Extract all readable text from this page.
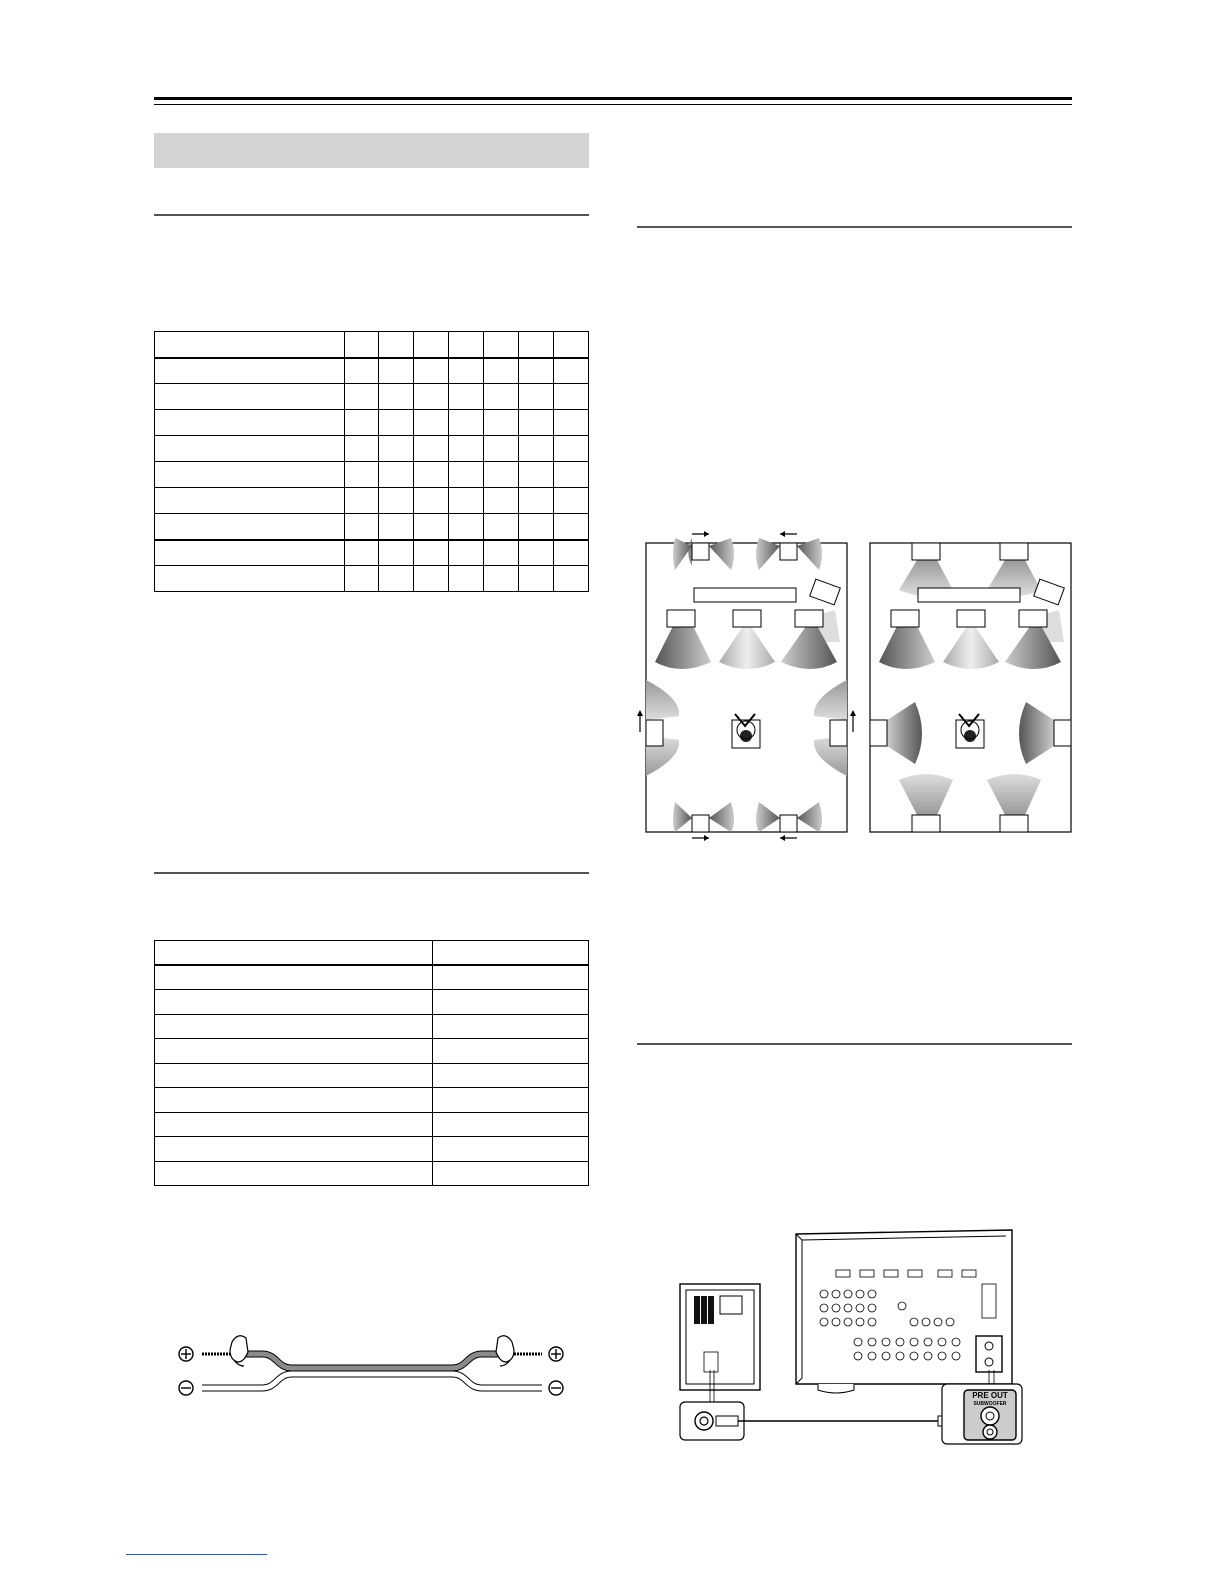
PRE OUT
SUBWOOFER
